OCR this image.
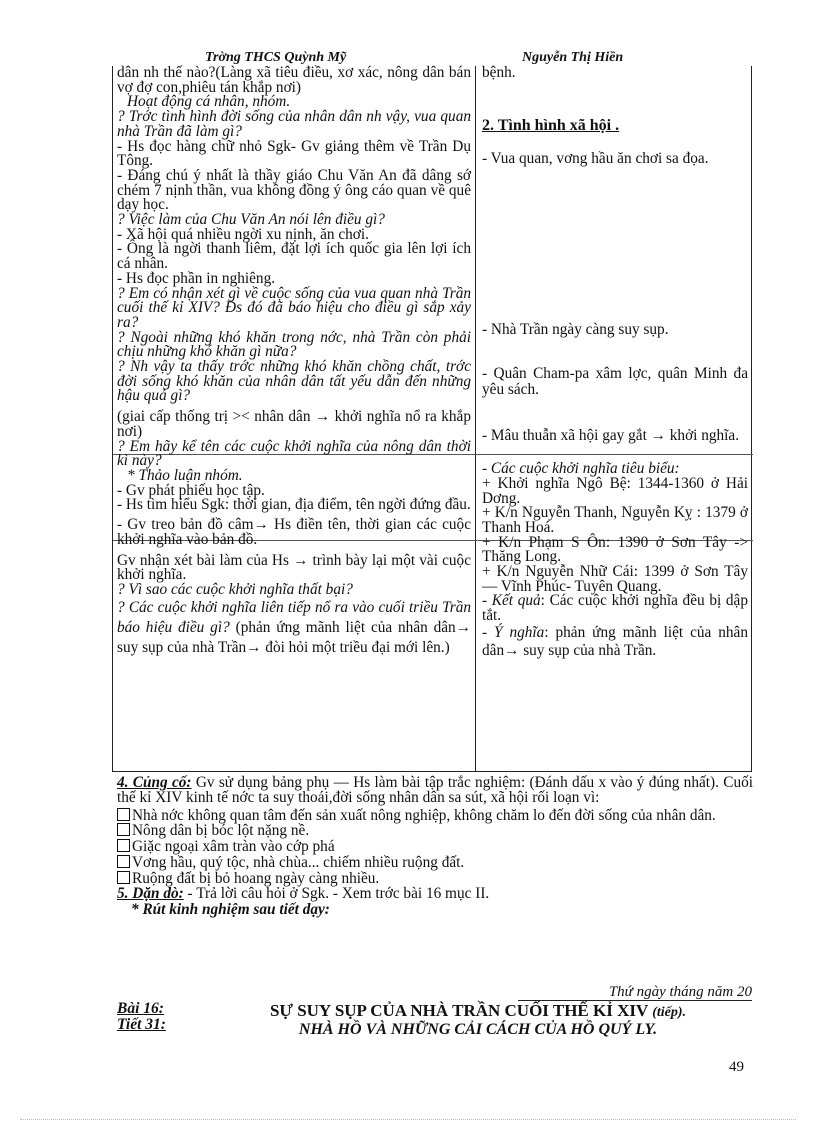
Trờng THCS Quỳnh Mỹ	Nguyễn Thị Hiền

dân nh thế nào?(Làng xã tiêu điều, xơ xác, nông dân bán vợ đợ con,phiêu tán khắp nơi)

Hoạt động cá nhân, nhóm.

? Trớc tình hình đời sống của nhân dân nh vậy, vua quan nhà Trần đã làm gì?

- Hs đọc hàng chữ nhỏ Sgk- Gv giảng thêm về Trần Dụ Tông.

- Đáng chú ý nhất là thầy giáo Chu Văn An đã dâng sớ chém 7 nịnh thần, vua không đồng ý ông cáo quan về quê dạy học.

? Việc làm của Chu Văn An nói lên điều gì?

- Xã hội quá nhiều ngời xu nịnh, ăn chơi.

- Ông là ngời thanh liêm, đặt lợi ích quốc gia lên lợi ích cá nhân.

- Hs đọc phần in nghiêng.

? Em có nhận xét gì về cuộc sống của vua quan nhà Trần cuối thế kỉ XIV? Đs đó đã báo hiệu cho điều gì sắp xảy ra?

? Ngoài những khó khăn trong nớc, nhà Trần còn phải chịu những khó khăn gì nữa?

? Nh vậy ta thấy trớc những khó khăn chồng chất, trớc đời sống khó khăn của nhân dân tất yếu dẫn đến những hậu quả gì?

(giai cấp thống trị >< nhân dân → khởi nghĩa nổ ra khắp nơi)

? Em hãy kể tên các cuộc khởi nghĩa của nông dân thời kì này?

* Thảo luận nhóm.

- Gv phát phiếu học tập.

- Hs tìm hiểu Sgk: thời gian, địa điểm, tên ngời đứng đầu.

- Gv treo bản đồ câm→ Hs điền tên, thời gian các cuộc khởi nghĩa vào bản đồ.

Gv nhận xét bài làm của Hs → trình bày lại một vài cuộc khởi nghĩa.

? Vì sao các cuộc khởi nghĩa thất bại?

? Các cuộc khởi nghĩa liên tiếp nổ ra vào cuối triều Trần báo hiệu điều gì? (phản ứng mãnh liệt của nhân dân→ suy sụp của nhà Trần→ đòi hỏi một triều đại mới lên.)

bệnh.

2. Tình hình xã hội .

- Vua quan, vơng hầu ăn chơi sa đọa.

- Nhà Trần ngày càng suy sụp.

- Quân Cham-pa xâm lợc, quân Minh đa yêu sách.

- Mâu thuẫn xã hội gay gắt → khởi nghĩa.

- Các cuộc khởi nghĩa tiêu biểu:

+ Khởi nghĩa Ngô Bệ: 1344-1360 ở Hải Dơng.

+ K/n Nguyễn Thanh, Nguyễn Kỵ : 1379 ở Thanh Hoá.

+ K/n Phạm S Ôn: 1390 ở Sơn Tây -> Thăng Long.

+ K/n Nguyễn Nhữ Cái: 1399 ở Sơn Tây — Vĩnh Phúc- Tuyên Quang.

- Kết quả: Các cuộc khởi nghĩa đều bị dập tắt.

- Ý nghĩa: phản ứng mãnh liệt của nhân dân→ suy sụp của nhà Trần.

4. Củng cố: Gv sử dụng bảng phụ — Hs làm bài tập trắc nghiệm: (Đánh dấu x vào ý đúng nhất). Cuối thế kỉ XIV kinh tế nớc ta suy thoái,đời sống nhân dân sa sút, xã hội rối loạn vì:

Nhà nớc không quan tâm đến sản xuất nông nghiệp, không chăm lo đến đời sống của nhân dân.

Nông dân bị bóc lột nặng nề.

Giặc ngoại xâm tràn vào cớp phá

Vơng hầu, quý tộc, nhà chùa... chiếm nhiều ruộng đất.

Ruộng đất bị bỏ hoang ngày càng nhiều.

5. Dặn dò: - Trả lời câu hỏi ở Sgk. - Xem trớc bài 16 mục II.

* Rút kinh nghiệm sau tiết dạy:

Thứ ngày tháng năm 20
Bài 16:
Tiết 31:
SỰ SUY SỤP CỦA NHÀ TRẦN CUỐI THẾ KỈ XIV (tiếp).
NHÀ HỒ VÀ NHỮNG CẢI CÁCH CỦA HỒ QUÝ LY.
49
